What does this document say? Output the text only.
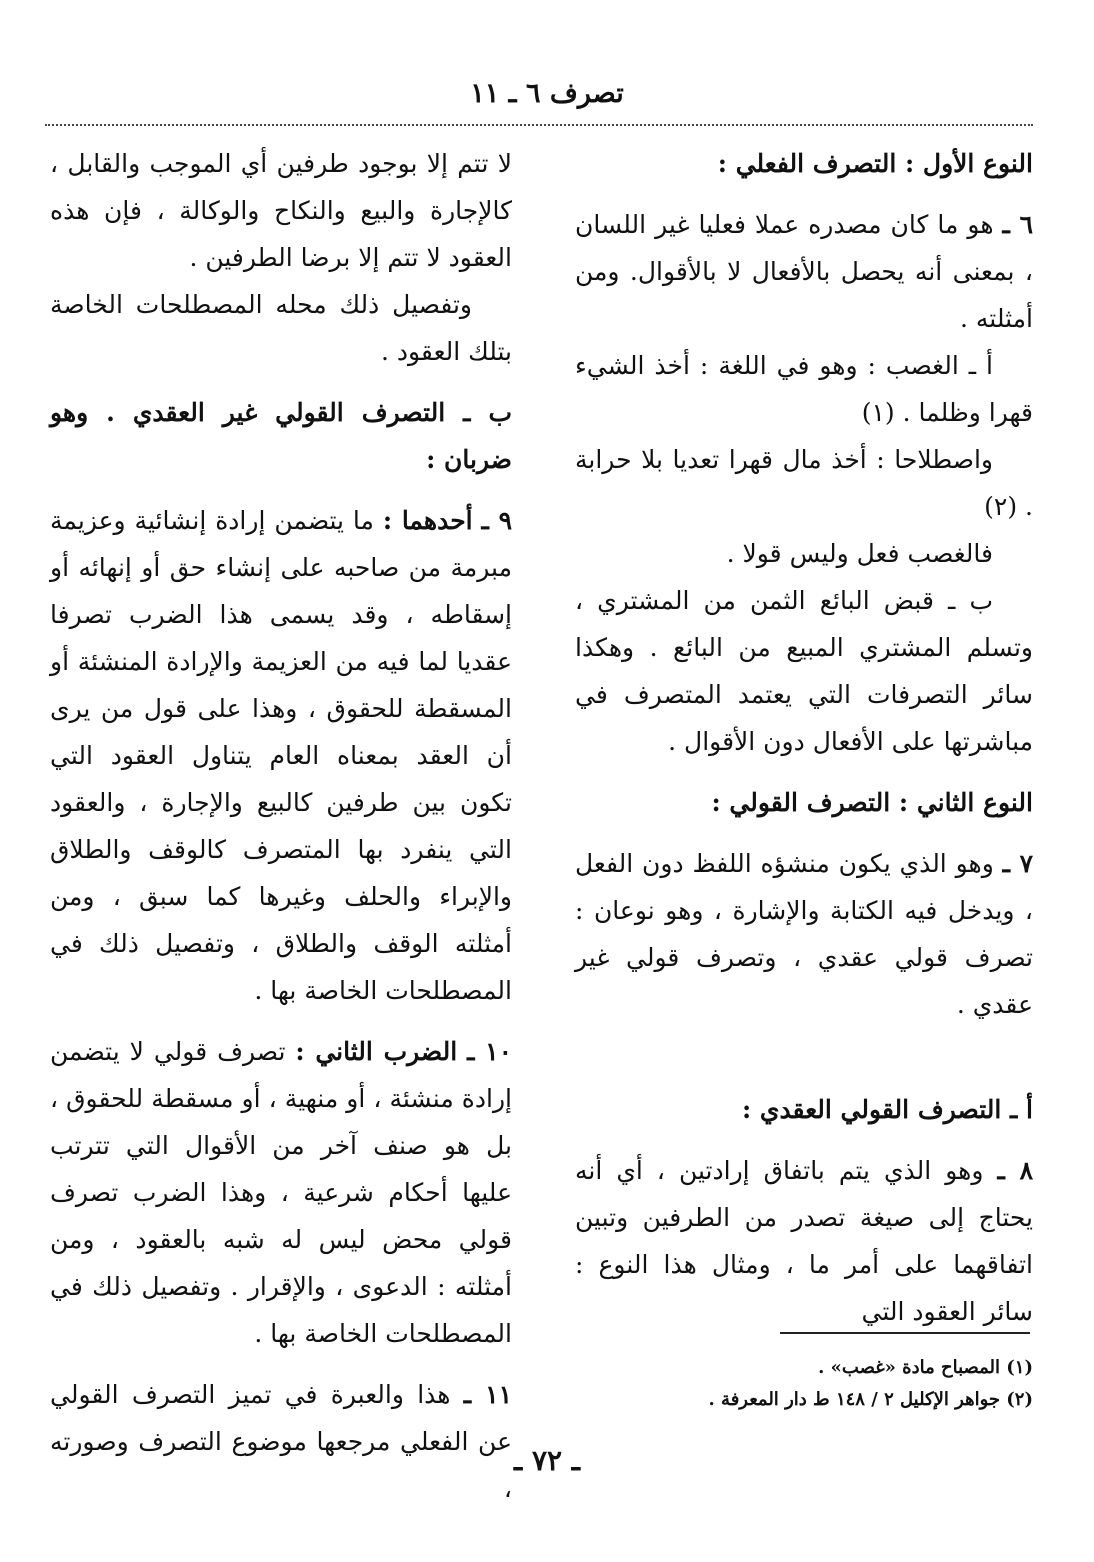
تصرف ٦ ـ ١١

النوع الأول : التصرف الفعلي :

٦ ـ هو ما كان مصدره عملا فعليا غير اللسان ، بمعنى أنه يحصل بالأفعال لا بالأقوال. ومن أمثلته .

أ ـ الغصب : وهو في اللغة : أخذ الشيء قهرا وظلما . (١)

واصطلاحا : أخذ مال قهرا تعديا بلا حرابة . (٢)

فالغصب فعل وليس قولا .

ب ـ قبض البائع الثمن من المشتري ، وتسلم المشتري المبيع من البائع . وهكذا سائر التصرفات التي يعتمد المتصرف في مباشرتها على الأفعال دون الأقوال .

النوع الثاني : التصرف القولي :

٧ ـ وهو الذي يكون منشؤه اللفظ دون الفعل ، ويدخل فيه الكتابة والإشارة ، وهو نوعان : تصرف قولي عقدي ، وتصرف قولي غير عقدي .

أ ـ التصرف القولي العقدي :

٨ ـ وهو الذي يتم باتفاق إرادتين ، أي أنه يحتاج إلى صيغة تصدر من الطرفين وتبين اتفاقهما على أمر ما ، ومثال هذا النوع : سائر العقود التي

لا تتم إلا بوجود طرفين أي الموجب والقابل ، كالإجارة والبيع والنكاح والوكالة ، فإن هذه العقود لا تتم إلا برضا الطرفين .

وتفصيل ذلك محله المصطلحات الخاصة بتلك العقود .

ب ـ التصرف القولي غير العقدي . وهو ضربان :

٩ ـ أحدهما : ما يتضمن إرادة إنشائية وعزيمة مبرمة من صاحبه على إنشاء حق أو إنهائه أو إسقاطه ، وقد يسمى هذا الضرب تصرفا عقديا لما فيه من العزيمة والإرادة المنشئة أو المسقطة للحقوق ، وهذا على قول من يرى أن العقد بمعناه العام يتناول العقود التي تكون بين طرفين كالبيع والإجارة ، والعقود التي ينفرد بها المتصرف كالوقف والطلاق والإبراء والحلف وغيرها كما سبق ، ومن أمثلته الوقف والطلاق ، وتفصيل ذلك في المصطلحات الخاصة بها .

١٠ ـ الضرب الثاني : تصرف قولي لا يتضمن إرادة منشئة ، أو منهية ، أو مسقطة للحقوق ، بل هو صنف آخر من الأقوال التي تترتب عليها أحكام شرعية ، وهذا الضرب تصرف قولي محض ليس له شبه بالعقود ، ومن أمثلته : الدعوى ، والإقرار . وتفصيل ذلك في المصطلحات الخاصة بها .

١١ ـ هذا والعبرة في تميز التصرف القولي عن الفعلي مرجعها موضوع التصرف وصورته ،

(١) المصباح مادة «غصب» .

(٢) جواهر الإكليل ٢ / ١٤٨ ط دار المعرفة .

ـ ٧٢ ـ
